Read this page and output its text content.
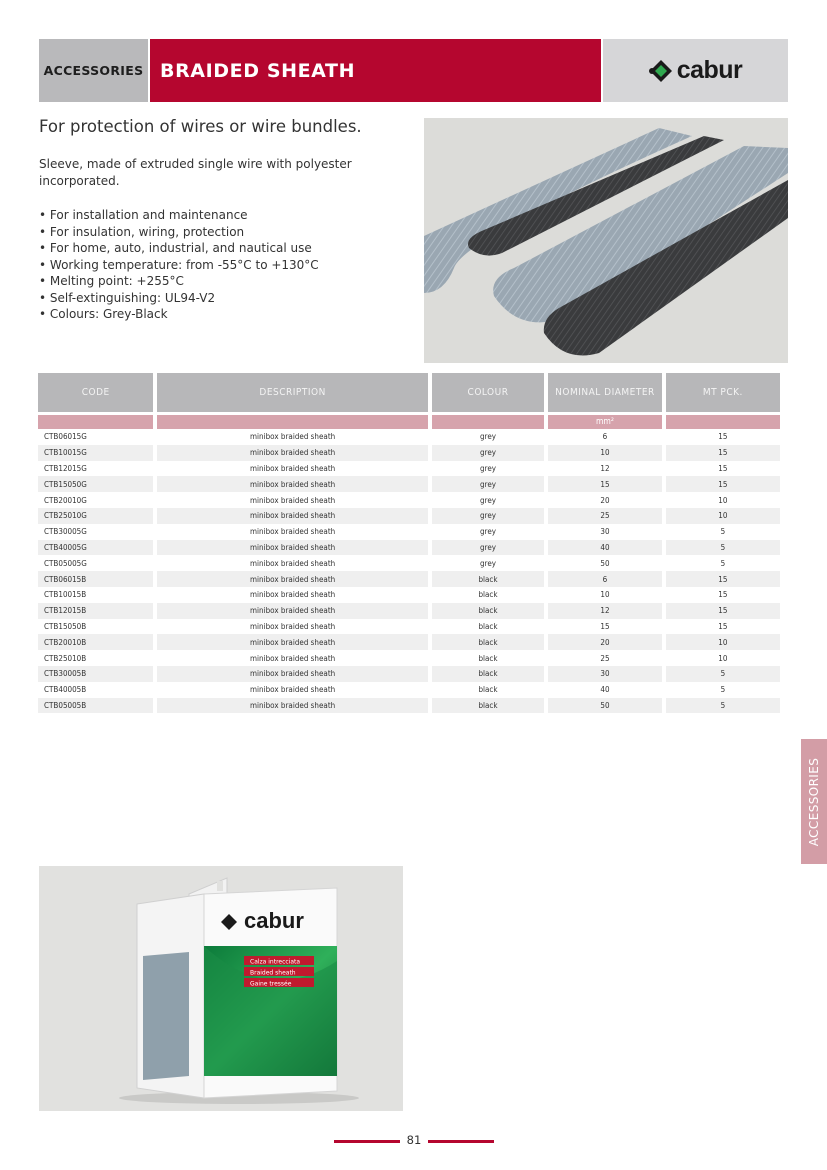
ACCESSORIES BRAIDED SHEATH	cabur
For protection of wires or wire bundles.

Sleeve, made of extruded single wire with polyester incorporated.

• For installation and maintenance
• For insulation, wiring, protection
• For home, auto, industrial, and nautical use
• Working temperature: from -55°C to +130°C
• Melting point: +255°C
• Self-extinguishing: UL94-V2
• Colours: Grey-Black
CODE	DESCRIPTION	COLOUR	NOMINAL DIAMETER	MT PCK.
			mm²	
CTB06015G	minibox braided sheath	grey	6	15
CTB10015G	minibox braided sheath	grey	10	15
CTB12015G	minibox braided sheath	grey	12	15
CTB15050G	minibox braided sheath	grey	15	15
CTB20010G	minibox braided sheath	grey	20	10
CTB25010G	minibox braided sheath	grey	25	10
CTB30005G	minibox braided sheath	grey	30	5
CTB40005G	minibox braided sheath	grey	40	5
CTB05005G	minibox braided sheath	grey	50	5
CTB06015B	minibox braided sheath	black	6	15
CTB10015B	minibox braided sheath	black	10	15
CTB12015B	minibox braided sheath	black	12	15
CTB15050B	minibox braided sheath	black	15	15
CTB20010B	minibox braided sheath	black	20	10
CTB25010B	minibox braided sheath	black	25	10
CTB30005B	minibox braided sheath	black	30	5
CTB40005B	minibox braided sheath	black	40	5
CTB05005B	minibox braided sheath	black	50	5
ACCESSORIES
cabur
Calza intrecciata
Braided sheath
Gaine tressée
81
